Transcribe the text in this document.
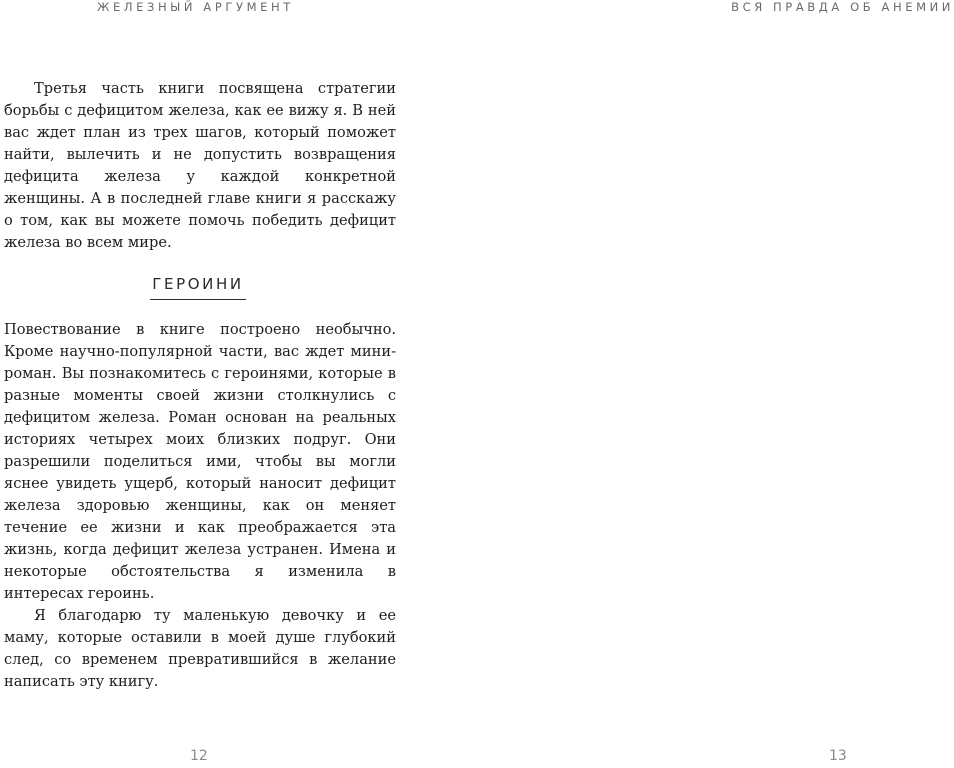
ЖЕЛЕЗНЫЙ АРГУМЕНТ	ВСЯ ПРАВДА ОБ АНЕМИИ

Третья часть книги посвящена стратегии борьбы с дефицитом железа, как ее вижу я. В ней вас ждет план из трех шагов, который поможет найти, вылечить и не допустить возвращения дефицита железа у каждой конкретной женщины. А в последней главе книги я расскажу о том, как вы можете помочь победить дефицит железа во всем мире.

ГЕРОИНИ

Повествование в книге построено необычно. Кроме научно-популярной части, вас ждет мини-роман. Вы познакомитесь с героинями, которые в разные моменты своей жизни столкнулись с дефицитом железа. Роман основан на реальных историях четырех моих близких подруг. Они разрешили поделиться ими, чтобы вы могли яснее увидеть ущерб, который наносит дефицит железа здоровью женщины, как он меняет течение ее жизни и как преображается эта жизнь, когда дефицит железа устранен. Имена и некоторые обстоятельства я изменила в интересах героинь.

Я благодарю ту маленькую девочку и ее маму, которые оставили в моей душе глубокий след, со временем превратившийся в желание написать эту книгу.

12	13
